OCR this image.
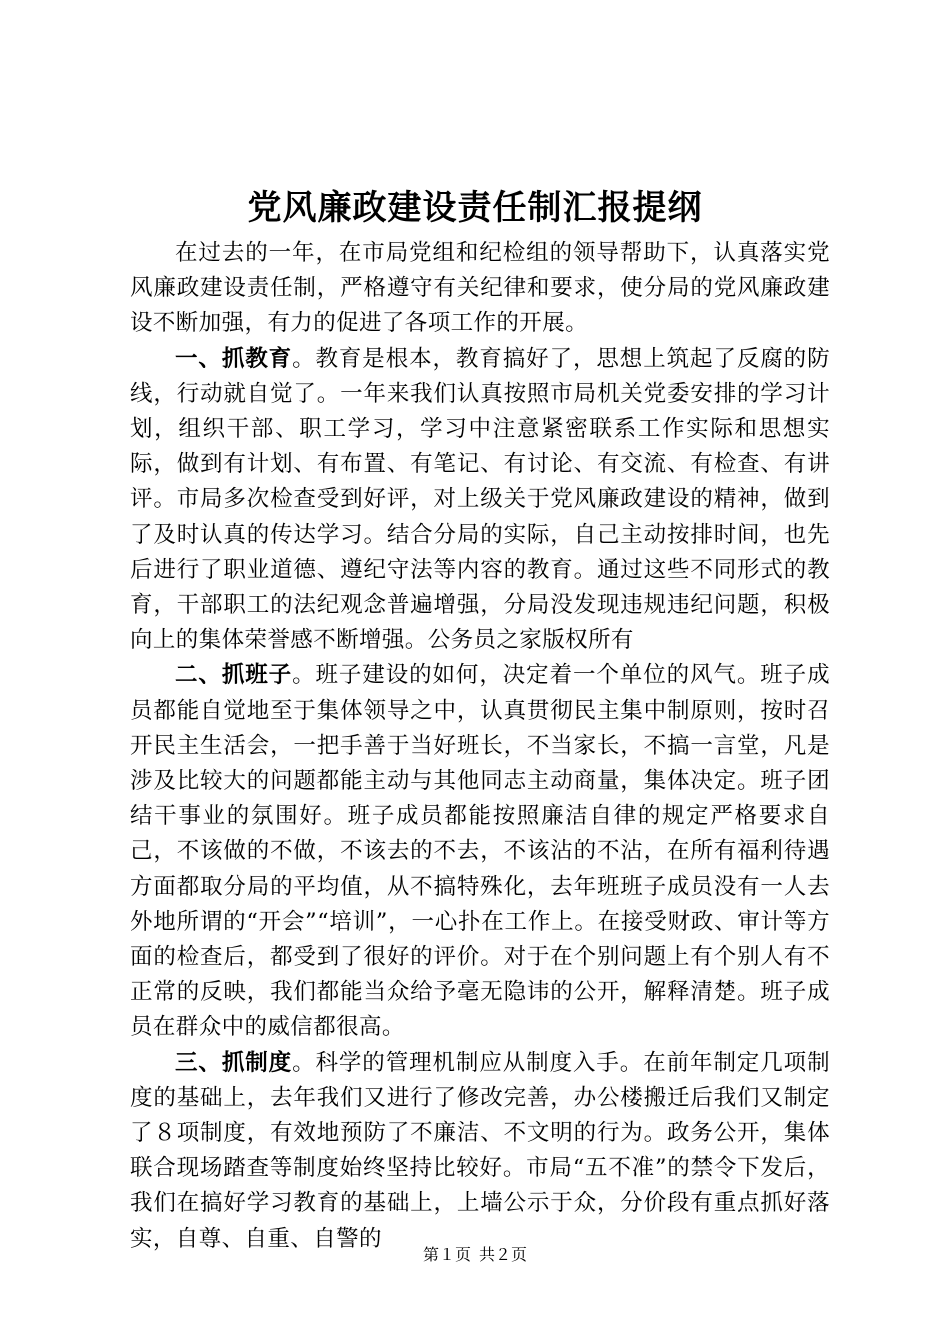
党风廉政建设责任制汇报提纲

在过去的一年，在市局党组和纪检组的领导帮助下，认真落实党风廉政建设责任制，严格遵守有关纪律和要求，使分局的党风廉政建设不断加强，有力的促进了各项工作的开展。

一、抓教育。教育是根本，教育搞好了，思想上筑起了反腐的防线，行动就自觉了。一年来我们认真按照市局机关党委安排的学习计划，组织干部、职工学习，学习中注意紧密联系工作实际和思想实际，做到有计划、有布置、有笔记、有讨论、有交流、有检查、有讲评。市局多次检查受到好评，对上级关于党风廉政建设的精神，做到了及时认真的传达学习。结合分局的实际，自己主动按排时间，也先后进行了职业道德、遵纪守法等内容的教育。通过这些不同形式的教育，干部职工的法纪观念普遍增强，分局没发现违规违纪问题，积极向上的集体荣誉感不断增强。公务员之家版权所有

二、抓班子。班子建设的如何，决定着一个单位的风气。班子成员都能自觉地至于集体领导之中，认真贯彻民主集中制原则，按时召开民主生活会，一把手善于当好班长，不当家长，不搞一言堂，凡是涉及比较大的问题都能主动与其他同志主动商量，集体决定。班子团结干事业的氛围好。班子成员都能按照廉洁自律的规定严格要求自己，不该做的不做，不该去的不去，不该沾的不沾，在所有福利待遇方面都取分局的平均值，从不搞特殊化，去年班班子成员没有一人去外地所谓的“开会”“培训”，一心扑在工作上。在接受财政、审计等方面的检查后，都受到了很好的评价。对于在个别问题上有个别人有不正常的反映，我们都能当众给予毫无隐讳的公开，解释清楚。班子成员在群众中的威信都很高。

三、抓制度。科学的管理机制应从制度入手。在前年制定几项制度的基础上，去年我们又进行了修改完善，办公楼搬迁后我们又制定了８项制度，有效地预防了不廉洁、不文明的行为。政务公开，集体联合现场踏查等制度始终坚持比较好。市局“五不准”的禁令下发后，我们在搞好学习教育的基础上，上墙公示于众，分价段有重点抓好落实，自尊、自重、自警的

第１页 共２页
